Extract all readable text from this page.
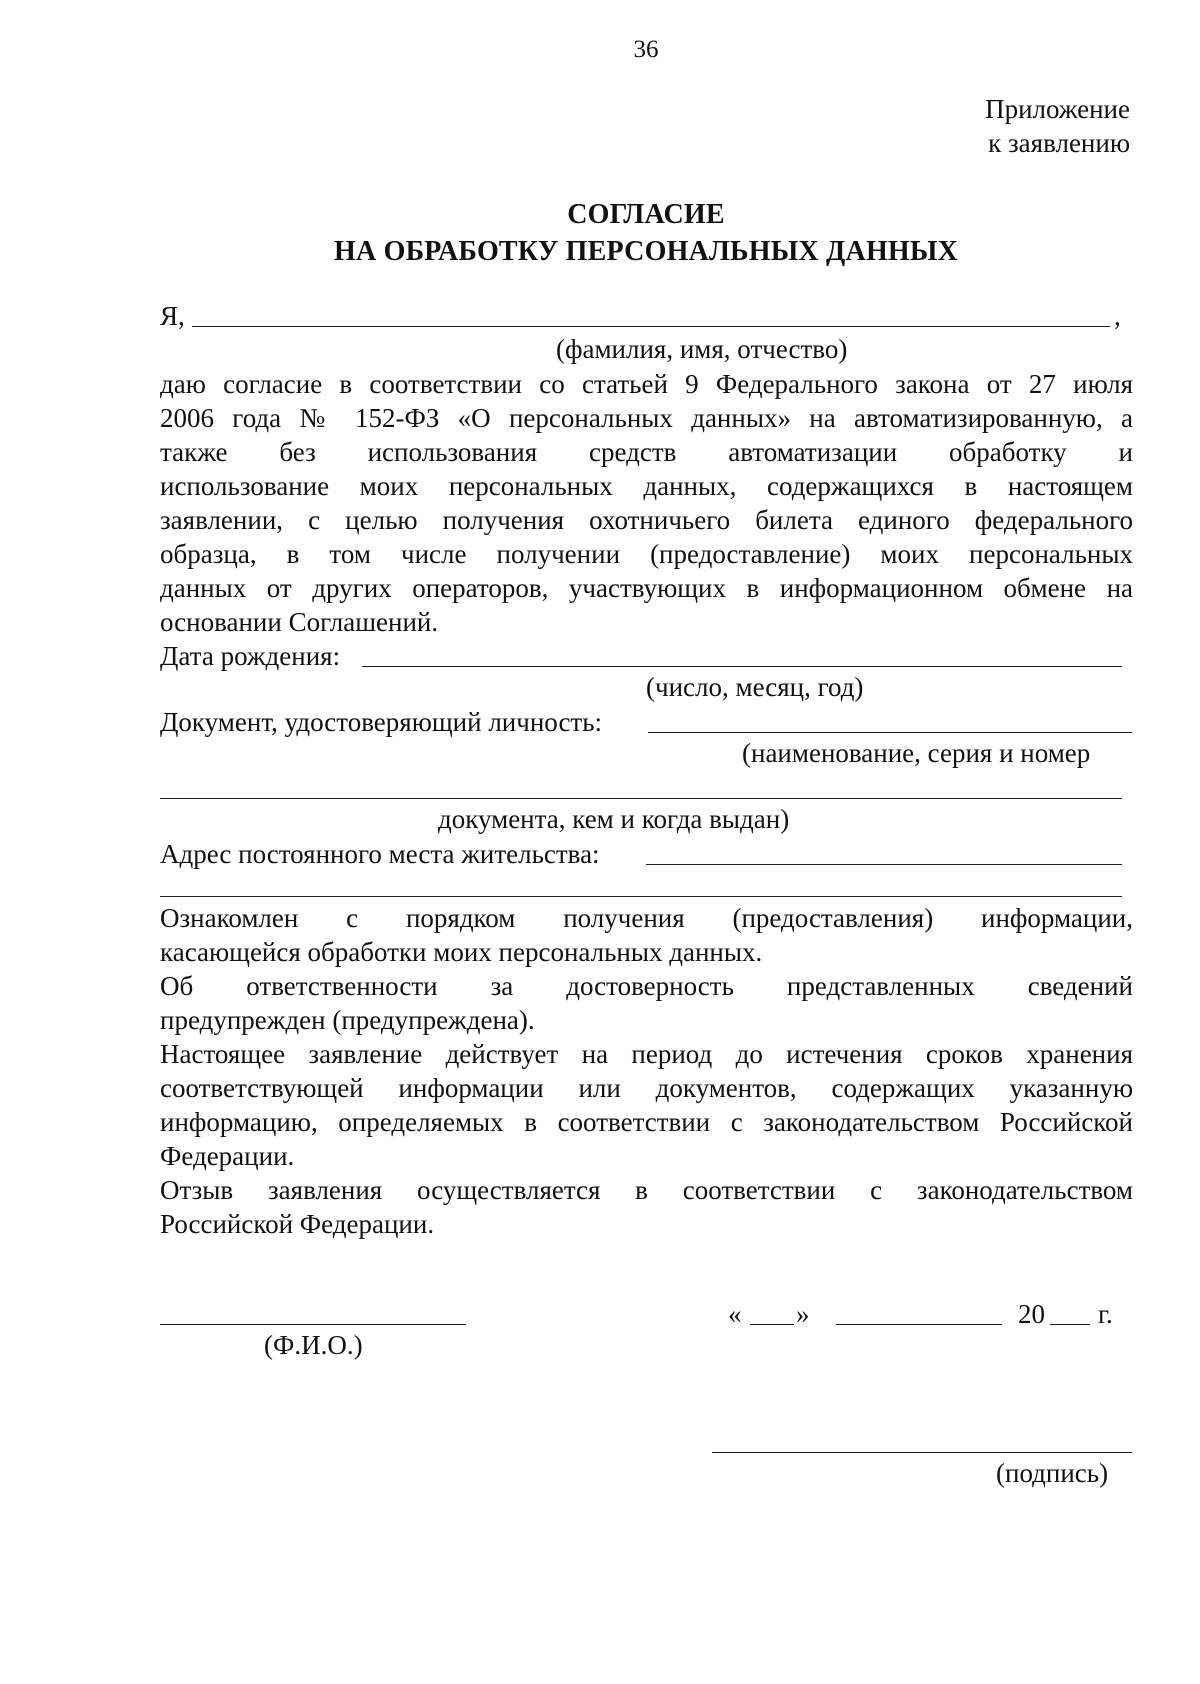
36
Приложение
к заявлению
СОГЛАСИЕ
НА ОБРАБОТКУ ПЕРСОНАЛЬНЫХ ДАННЫХ
Я,	,
(фамилия, имя, отчество)
даю согласие в соответствии со статьей 9 Федерального закона от 27 июля
2006 года № 152-ФЗ «О персональных данных» на автоматизированную, а
также без использования средств автоматизации обработку и
использование моих персональных данных, содержащихся в настоящем
заявлении, с целью получения охотничьего билета единого федерального
образца, в том числе получении (предоставление) моих персональных
данных от других операторов, участвующих в информационном обмене на
основании Соглашений.
Дата рождения:
(число, месяц, год)
Документ, удостоверяющий личность:
(наименование, серия и номер
документа, кем и когда выдан)
Адрес постоянного места жительства:
Ознакомлен с порядком получения (предоставления) информации,
касающейся обработки моих персональных данных.
Об ответственности за достоверность представленных сведений
предупрежден (предупреждена).
Настоящее заявление действует на период до истечения сроков хранения
соответствующей информации или документов, содержащих указанную
информацию, определяемых в соответствии с законодательством Российской
Федерации.
Отзыв заявления осуществляется в соответствии с законодательством
Российской Федерации.
(Ф.И.О.)
« »	20 г.
(подпись)
